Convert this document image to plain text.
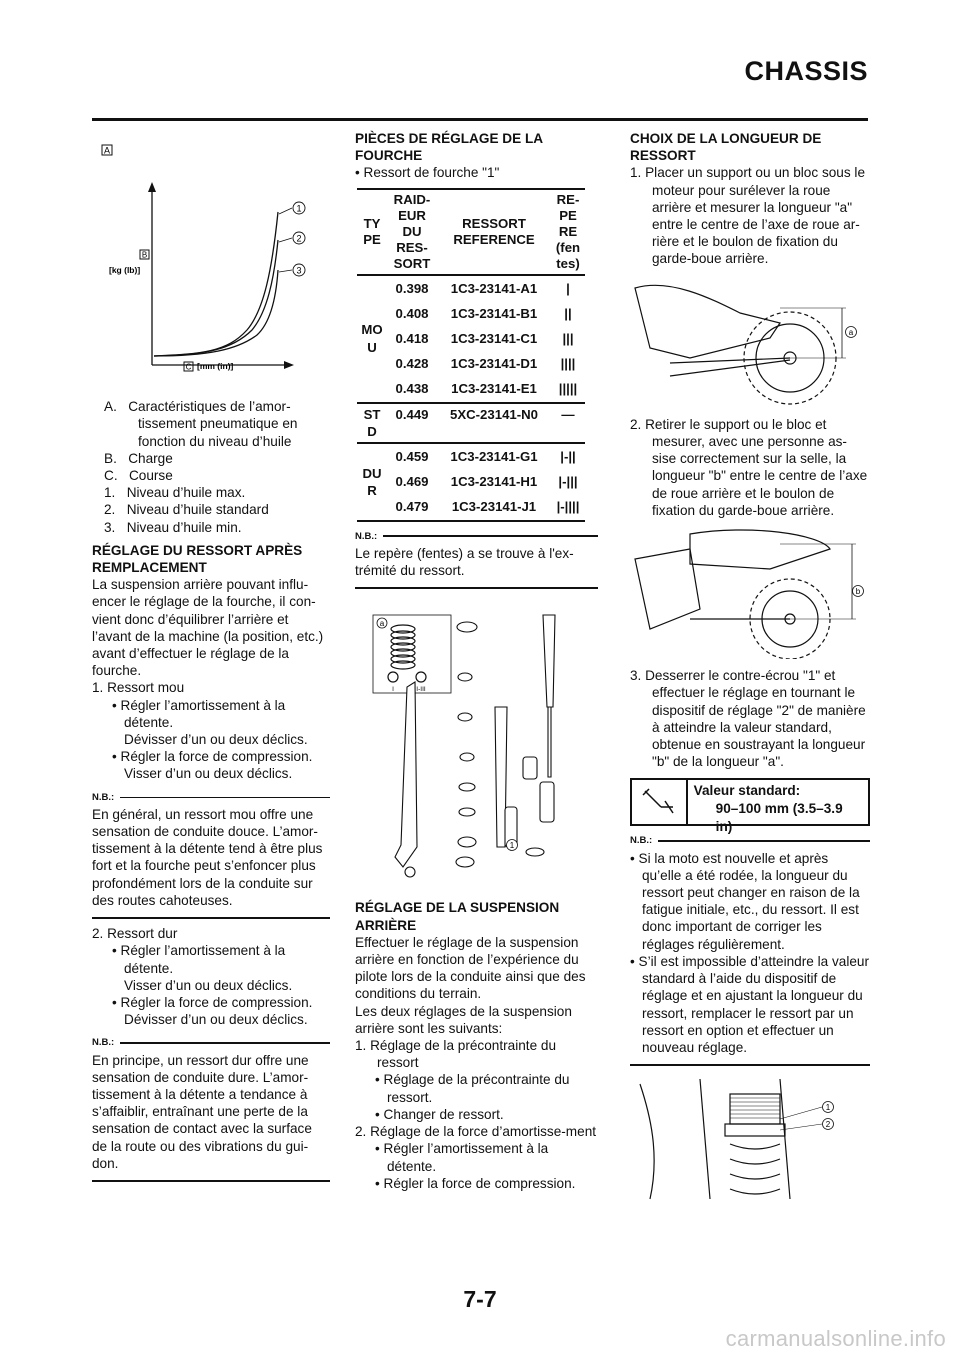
CHASSIS
A
1
2
3
B
[kg (lb)]
C [mm (in)]
A. Caractéristiques de l’amor-
tissement pneumatique en
fonction du niveau d’huile
B. Charge
C. Course
1. Niveau d’huile max.
2. Niveau d’huile standard
3. Niveau d’huile min.

RÉGLAGE DU RESSORT APRÈS REMPLACEMENT

La suspension arrière pouvant influ-encer le réglage de la fourche, il con-vient donc d’équilibrer l’arrière et l’avant de la machine (la position, etc.) avant d’effectuer le réglage de la fourche.

1. Ressort mou

• Régler l’amortissement à la détente.

Dévisser d’un ou deux déclics.

• Régler la force de compression.

Visser d’un ou deux déclics.

N.B.:

En général, un ressort mou offre une sensation de conduite douce. L’amor-tissement à la détente tend à être plus fort et la fourche peut s’enfoncer plus profondément lors de la conduite sur des routes cahoteuses.

2. Ressort dur

• Régler l’amortissement à la détente.

Visser d’un ou deux déclics.

• Régler la force de compression.

Dévisser d’un ou deux déclics.

N.B.:

En principe, un ressort dur offre une sensation de conduite dure. L’amor-tissement à la détente a tendance à s’affaiblir, entraînant une perte de la sensation de contact avec la surface de la route ou des vibrations du gui-don.

PIÈCES DE RÉGLAGE DE LA FOURCHE

• Ressort de fourche "1"

TY PE	RAID-EUR DU RES-SORT	RESSORT REFERENCE	RE-PE RE (fen tes)
MO U	0.398	1C3-23141-A1	|
	0.408	1C3-23141-B1	||
	0.418	1C3-23141-C1	|||
	0.428	1C3-23141-D1	||||
	0.438	1C3-23141-E1	|||||
ST D	0.449	5XC-23141-N0	—
DU R	0.459	1C3-23141-G1	|-||
	0.469	1C3-23141-H1	|-|||
	0.479	1C3-23141-J1	|-||||
N.B.:

Le repère (fentes) a se trouve à l'ex-trémité du ressort.

a
I	I-III
1

RÉGLAGE DE LA SUSPENSION ARRIÈRE

Effectuer le réglage de la suspension arrière en fonction de l’expérience du pilote lors de la conduite ainsi que des conditions du terrain.

Les deux réglages de la suspension arrière sont les suivants:

1. Réglage de la précontrainte du ressort

• Réglage de la précontrainte du ressort.

• Changer de ressort.

2. Réglage de la force d’amortisse-ment

• Régler l’amortissement à la détente.

• Régler la force de compression.

CHOIX DE LA LONGUEUR DE RESSORT

1. Placer un support ou un bloc sous le moteur pour surélever la roue arrière et mesurer la longueur "a" entre le centre de l’axe de roue ar-rière et le boulon de fixation du garde-boue arrière.

a

2. Retirer le support ou le bloc et mesurer, avec une personne as-sise correctement sur la selle, la longueur "b" entre le centre de l’axe de roue arrière et le boulon de fixation du garde-boue arrière.

b

3. Desserrer le contre-écrou "1" et effectuer le réglage en tournant le dispositif de réglage "2" de manière à atteindre la valeur standard, obtenue en soustrayant la longueur "b" de la longueur "a".

Valeur standard:
90–100 mm (3.5–3.9 in)
N.B.:

• Si la moto est nouvelle et après qu’elle a été rodée, la longueur du ressort peut changer en raison de la fatigue initiale, etc., du ressort. Il est donc important de corriger les réglages régulièrement.

• S’il est impossible d’atteindre la valeur standard à l’aide du dispositif de réglage et en ajustant la longueur du ressort, remplacer le ressort par un ressort en option et effectuer un nouveau réglage.

1
2
7-7
carmanualsonline.info
